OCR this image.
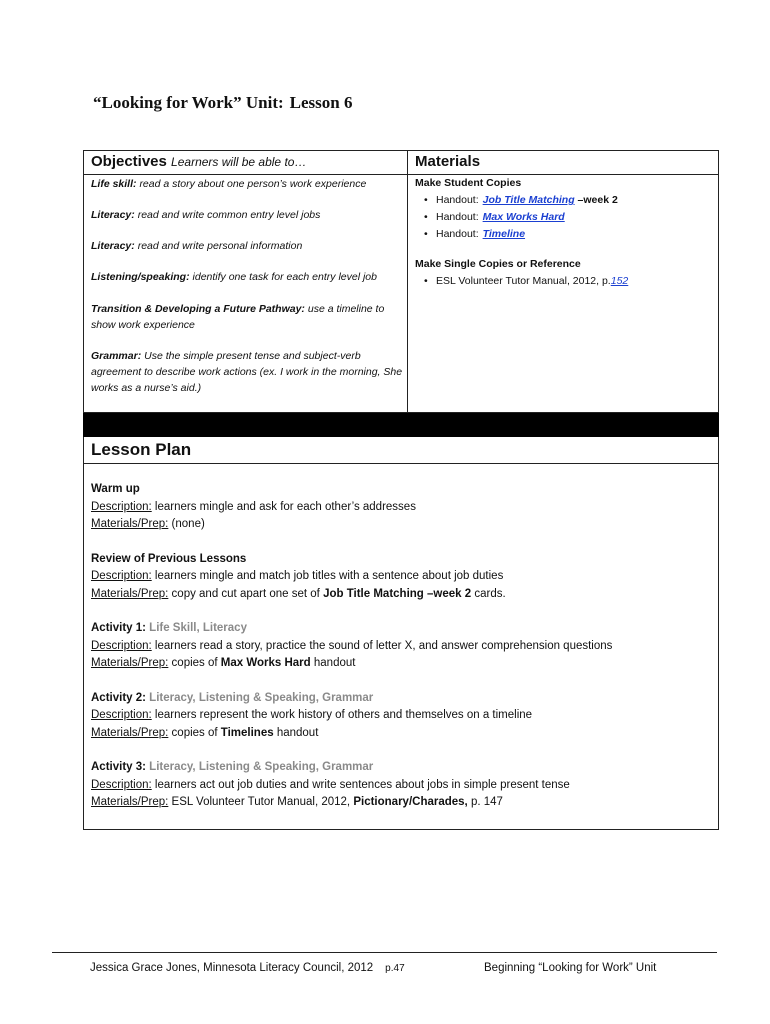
“Looking for Work” Unit: Lesson 6
Objectives Learners will be able to…	Materials
Life skill: read a story about one person’s work experience
Literacy: read and write common entry level jobs
Literacy: read and write personal information
Listening/speaking: identify one task for each entry level job
Transition & Developing a Future Pathway: use a timeline to show work experience
Grammar: Use the simple present tense and subject-verb agreement to describe work actions (ex. I work in the morning, She works as a nurse’s aid.)
Make Student Copies
• Handout: Job Title Matching –week 2
• Handout: Max Works Hard
• Handout: Timeline
Make Single Copies or Reference
• ESL Volunteer Tutor Manual, 2012, p.152
Lesson Plan
Warm up
Description: learners mingle and ask for each other’s addresses
Materials/Prep: (none)
Review of Previous Lessons
Description: learners mingle and match job titles with a sentence about job duties
Materials/Prep: copy and cut apart one set of Job Title Matching –week 2 cards.
Activity 1: Life Skill, Literacy
Description: learners read a story, practice the sound of letter X, and answer comprehension questions
Materials/Prep: copies of Max Works Hard handout
Activity 2: Literacy, Listening & Speaking, Grammar
Description: learners represent the work history of others and themselves on a timeline
Materials/Prep: copies of Timelines handout
Activity 3: Literacy, Listening & Speaking, Grammar
Description: learners act out job duties and write sentences about jobs in simple present tense
Materials/Prep: ESL Volunteer Tutor Manual, 2012, Pictionary/Charades, p. 147
Jessica Grace Jones, Minnesota Literacy Council, 2012 p.47	Beginning “Looking for Work” Unit
